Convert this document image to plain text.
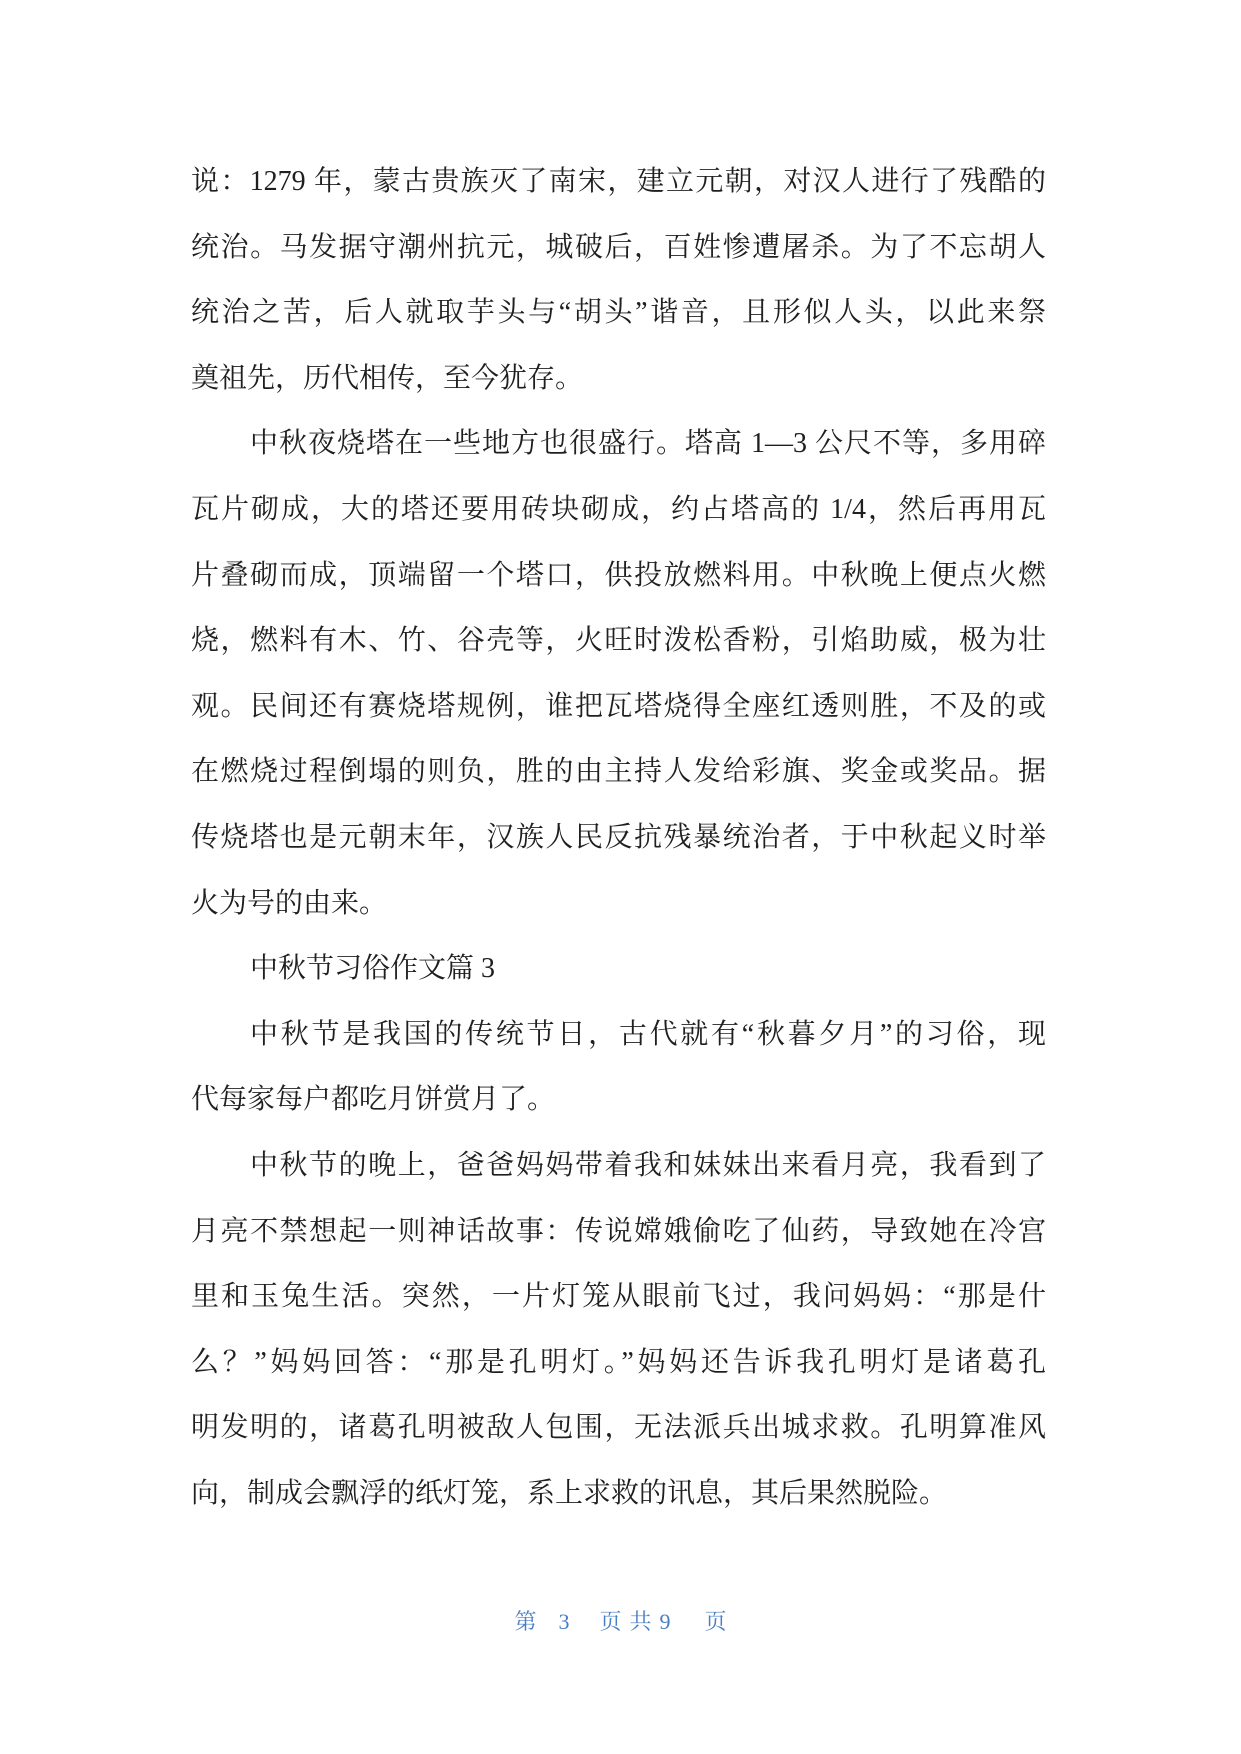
说：1279 年，蒙古贵族灭了南宋，建立元朝，对汉人进行了残酷的
统治。马发据守潮州抗元，城破后，百姓惨遭屠杀。为了不忘胡人
统治之苦，后人就取芋头与“胡头”谐音，且形似人头，以此来祭
奠祖先，历代相传，至今犹存。
中秋夜烧塔在一些地方也很盛行。塔高 1—3 公尺不等，多用碎
瓦片砌成，大的塔还要用砖块砌成，约占塔高的 1/4，然后再用瓦
片叠砌而成，顶端留一个塔口，供投放燃料用。中秋晚上便点火燃
烧，燃料有木、竹、谷壳等，火旺时泼松香粉，引焰助威，极为壮
观。民间还有赛烧塔规例，谁把瓦塔烧得全座红透则胜，不及的或
在燃烧过程倒塌的则负，胜的由主持人发给彩旗、奖金或奖品。据
传烧塔也是元朝末年，汉族人民反抗残暴统治者，于中秋起义时举
火为号的由来。
中秋节习俗作文篇 3
中秋节是我国的传统节日，古代就有“秋暮夕月”的习俗，现
代每家每户都吃月饼赏月了。
中秋节的晚上，爸爸妈妈带着我和妹妹出来看月亮，我看到了
月亮不禁想起一则神话故事：传说嫦娥偷吃了仙药，导致她在冷宫
里和玉兔生活。突然，一片灯笼从眼前飞过，我问妈妈：“那是什
么？”妈妈回答：“那是孔明灯。”妈妈还告诉我孔明灯是诸葛孔
明发明的，诸葛孔明被敌人包围，无法派兵出城求救。孔明算准风
向，制成会飘浮的纸灯笼，系上求救的讯息，其后果然脱险。
第 3 页共9 页
